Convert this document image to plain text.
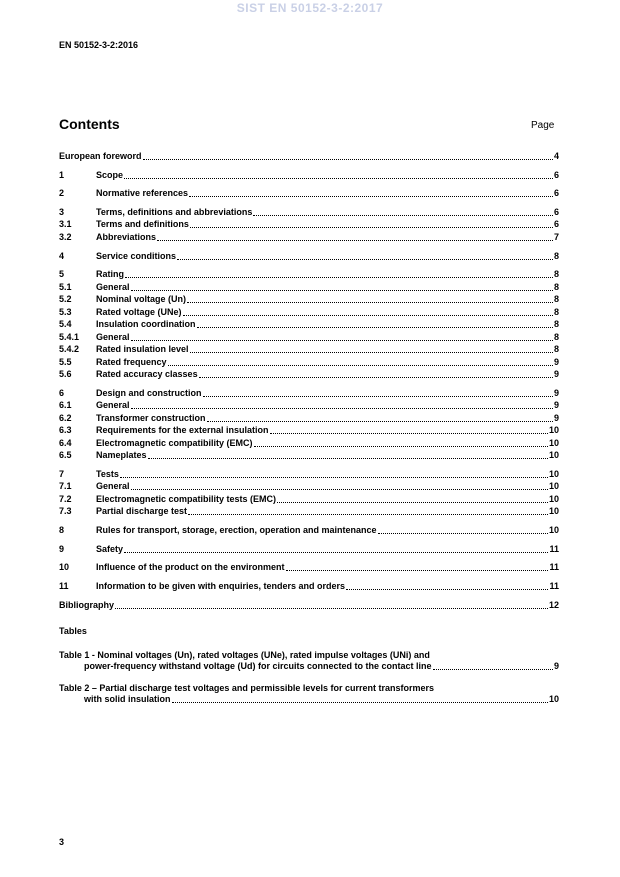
SIST EN 50152-3-2:2017
EN 50152-3-2:2016
Contents	Page
European foreword	4
1	Scope	6
2	Normative references	6
3	Terms, definitions and abbreviations	6
3.1	Terms and definitions	6
3.2	Abbreviations	7
4	Service conditions	8
5	Rating	8
5.1	General	8
5.2	Nominal voltage (Un)	8
5.3	Rated voltage (UNe)	8
5.4	Insulation coordination	8
5.4.1	General	8
5.4.2	Rated insulation level	8
5.5	Rated frequency	9
5.6	Rated accuracy classes	9
6	Design and construction	9
6.1	General	9
6.2	Transformer construction	9
6.3	Requirements for the external insulation	10
6.4	Electromagnetic compatibility (EMC)	10
6.5	Nameplates	10
7	Tests	10
7.1	General	10
7.2	Electromagnetic compatibility tests (EMC)	10
7.3	Partial discharge test	10
8	Rules for transport, storage, erection, operation and maintenance	10
9	Safety	11
10	Influence of the product on the environment	11
11	Information to be given with enquiries, tenders and orders	11
Bibliography	12
Tables
Table 1 - Nominal voltages (Un), rated voltages (UNe), rated impulse voltages (UNi) and
power-frequency withstand voltage (Ud) for circuits connected to the contact line	9
Table 2 – Partial discharge test voltages and permissible levels for current transformers
with solid insulation	10
3
